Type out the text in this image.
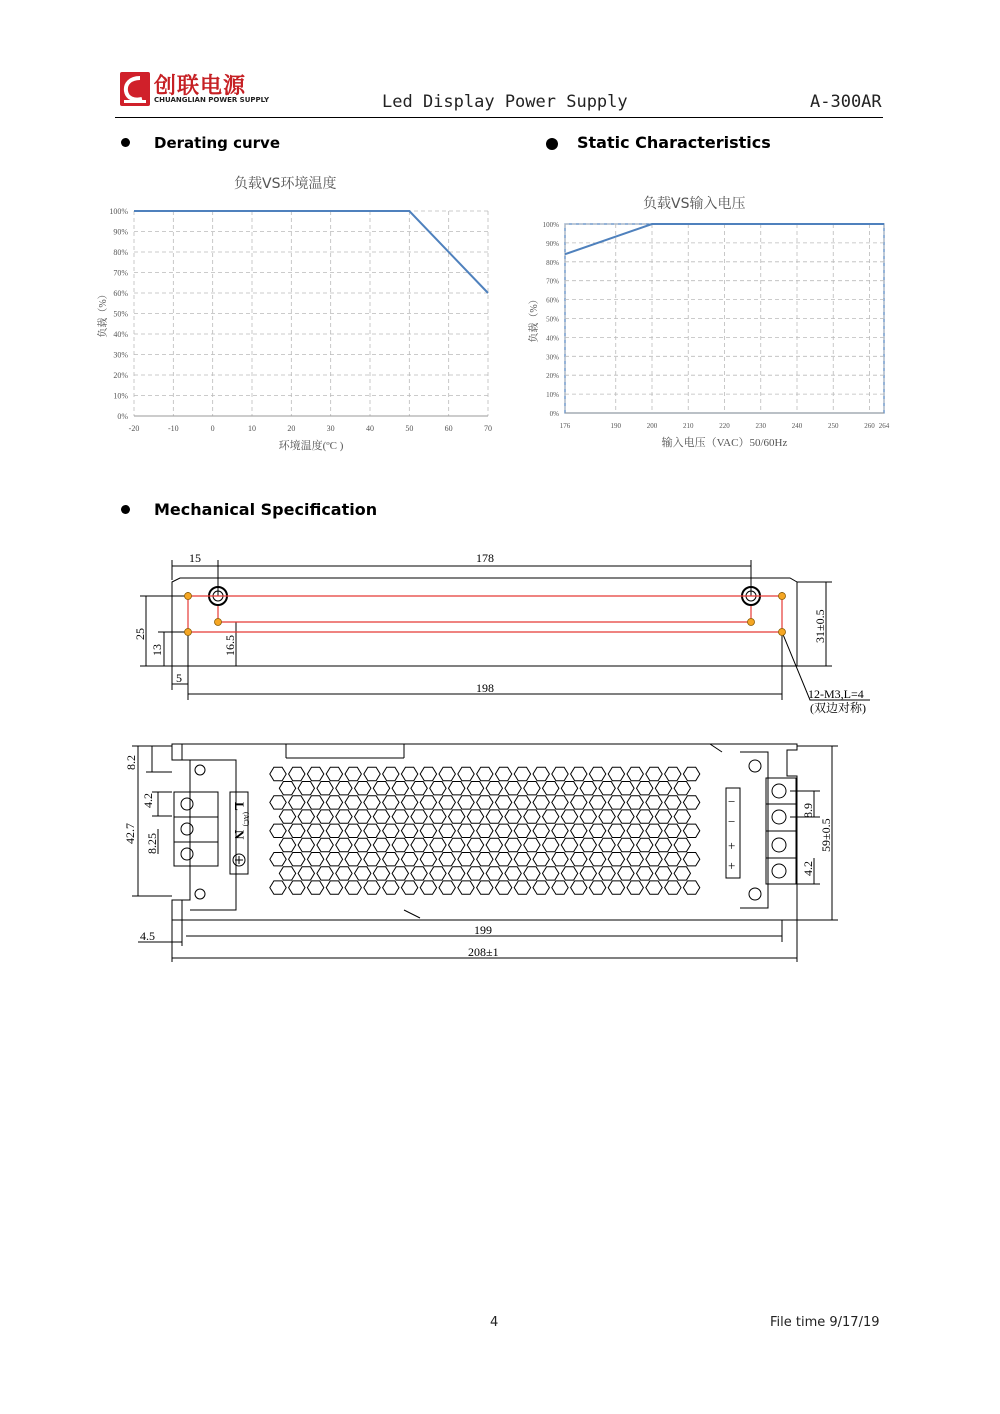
创联电源
CHUANGLIAN POWER SUPPLY	Led Display Power Supply	A-300AR
Derating curve	Static Characteristics
负载VS环境温度
0%
10%
20%
30%
40%
50%
60%
70%
80%
90%
100%
-20	-10	0	10	20	30	40	50	60	70
环境温度(ºC )
负载（%）
负载VS输入电压
0%
10%
20%
30%
40%
50%
60%
70%
80%
90%
100%
176	190	200	210	220	230	240	250	260 264
输入电压（VAC）50/60Hz
负载（%）
Mechanical Specification
15	178
198
5
12-M3,L=4
(双边对称)
25
13	16.5
31±0.5
8.2
4.2
42.7 8.25
8.9
4.2
59±0.5
4.5	199
208±1
L
N
(AC)
−
−
+
+
4	File time 9/17/19
